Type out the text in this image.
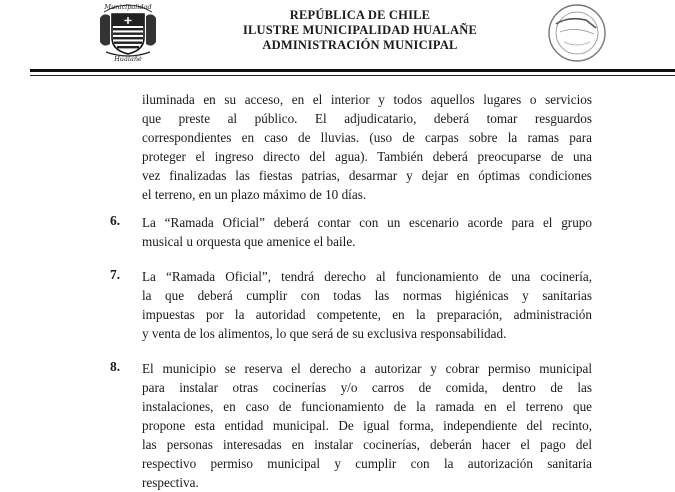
Municipalidad
Hualañé
REPÚBLICA DE CHILE
ILUSTRE MUNICIPALIDAD HUALAÑE
ADMINISTRACIÓN MUNICIPAL
iluminada en su acceso, en el interior y todos aquellos lugares o servicios
que preste al público. El adjudicatario, deberá tomar resguardos
correspondientes en caso de lluvias. (uso de carpas sobre la ramas para
proteger el ingreso directo del agua). También deberá preocuparse de una
vez finalizadas las fiestas patrias, desarmar y dejar en óptimas condiciones
el terreno, en un plazo máximo de 10 días.
6. La “Ramada Oficial” deberá contar con un escenario acorde para el grupo
musical u orquesta que amenice el baile.
7. La “Ramada Oficial”, tendrá derecho al funcionamiento de una cocinería,
la que deberá cumplir con todas las normas higiénicas y sanitarias
impuestas por la autoridad competente, en la preparación, administración
y venta de los alimentos, lo que será de su exclusiva responsabilidad.
8. El municipio se reserva el derecho a autorizar y cobrar permiso municipal
para instalar otras cocinerías y/o carros de comida, dentro de las
instalaciones, en caso de funcionamiento de la ramada en el terreno que
propone esta entidad municipal. De igual forma, independiente del recinto,
las personas interesadas en instalar cocinerías, deberán hacer el pago del
respectivo permiso municipal y cumplir con la autorización sanitaria
respectiva.
